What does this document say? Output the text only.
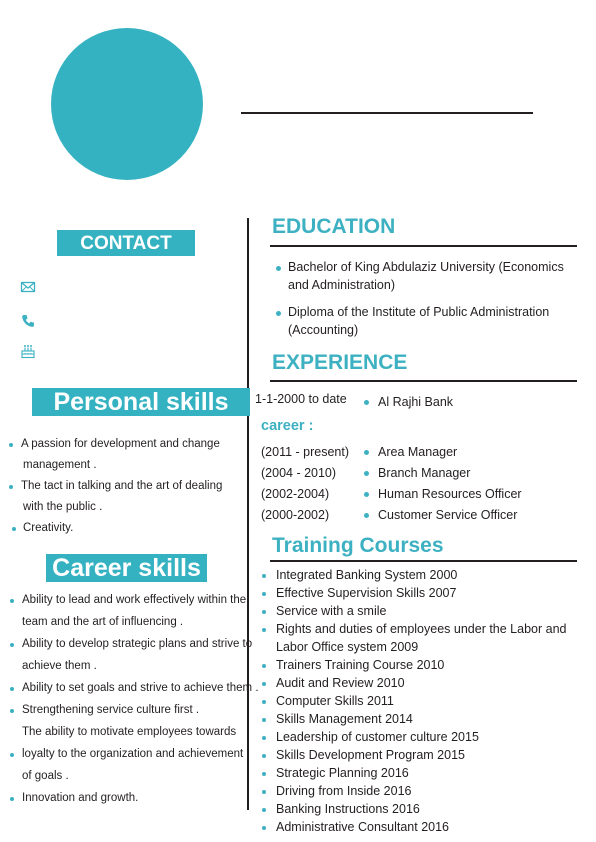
CONTACT
Personal skills
Career skills
A passion for development and change
management .
The tact in talking and the art of dealing
with the public .
Creativity.
Ability to lead and work effectively within the
team and the art of influencing .
Ability to develop strategic plans and strive to
achieve them .
Ability to set goals and strive to achieve them .
Strengthening service culture first .
The ability to motivate employees towards
loyalty to the organization and achievement
of goals .
Innovation and growth.
EDUCATION
Bachelor of King Abdulaziz University (Economics
and Administration)
Diploma of the Institute of Public Administration
(Accounting)
EXPERIENCE
1-1-2000 to date	Al Rajhi Bank
career :
(2011 - present) Area Manager
(2004 - 2010)	Branch Manager
(2002-2004)	Human Resources Officer
(2000-2002)	Customer Service Officer
Training Courses
Integrated Banking System 2000
Effective Supervision Skills 2007
Service with a smile
Rights and duties of employees under the Labor and
Labor Office system 2009
Trainers Training Course 2010
Audit and Review 2010
Computer Skills 2011
Skills Management 2014
Leadership of customer culture 2015
Skills Development Program 2015
Strategic Planning 2016
Driving from Inside 2016
Banking Instructions 2016
Administrative Consultant 2016
